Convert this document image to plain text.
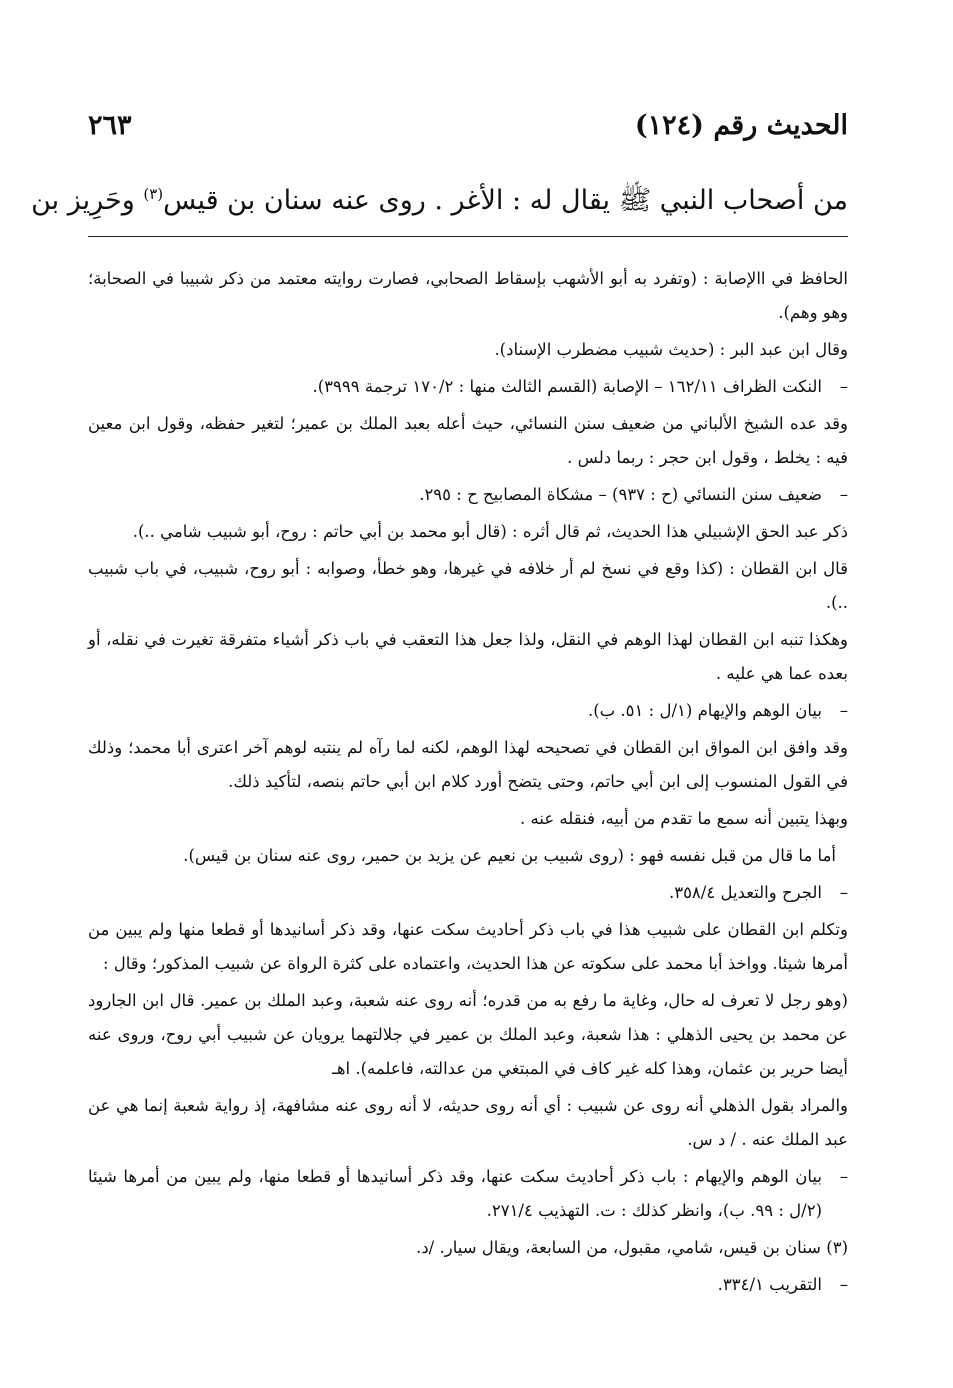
الحديث رقم (١٢٤)
٢٦٣
من أصحاب النبي ﷺ يقال له : الأغر . روى عنه سنان بن قيس$^{(٣)}$ وحَرِيز بن
الحافظ في االإصابة : (وتفرد به أبو الأشهب بإسقاط الصحابي، فصارت روايته معتمد من ذكر شبيبا في الصحابة؛ وهو وهم).
وقال ابن عبد البر : (حديث شبيب مضطرب الإسناد).
–
النكت الظراف ١٦٢/١١ – الإصابة (القسم الثالث منها : ١٧٠/٢ ترجمة ٣٩٩٩).
وقد عده الشيخ الألباني من ضعيف سنن النسائي، حيث أعله بعبد الملك بن عمير؛ لتغير حفظه، وقول ابن معين فيه : يخلط ، وقول ابن حجر : ربما دلس .
–
ضعيف سنن النسائي (ح : ٩٣٧) – مشكاة المصابيح ح : ٢٩٥.
ذكر عبد الحق الإشبيلي هذا الحديث، ثم قال أثره : (قال أبو محمد بن أبي حاتم : روح، أبو شبيب شامي ..).
قال ابن القطان : (كذا وقع في نسخ لم أر خلافه في غيرها، وهو خطأ، وصوابه : أبو روح، شبيب، في باب شبيب ..).
وهكذا تنبه ابن القطان لهذا الوهم في النقل، ولذا جعل هذا التعقب في باب ذكر أشياء متفرقة تغيرت في نقله، أو بعده عما هي عليه .
–
بيان الوهم والإيهام (١/ل : ٥١. ب).
وقد وافق ابن المواق ابن القطان في تصحيحه لهذا الوهم، لكنه لما رآه لم ينتبه لوهم آخر اعترى أبا محمد؛ وذلك في القول المنسوب إلى ابن أبي حاتم، وحتى يتضح أورد كلام ابن أبي حاتم بنصه، لتأكيد ذلك.
وبهذا يتبين أنه سمع ما تقدم من أبيه، فنقله عنه .
أما ما قال من قبل نفسه فهو : (روى شبيب بن نعيم عن يزيد بن حمير، روى عنه سنان بن قيس).
–
الجرح والتعديل ٣٥٨/٤.
وتكلم ابن القطان على شبيب هذا في باب ذكر أحاديث سكت عنها، وقد ذكر أسانيدها أو قطعا منها ولم يبين من أمرها شيئا. وواخذ أبا محمد على سكوته عن هذا الحديث، واعتماده على كثرة الرواة عن شبيب المذكور؛ وقال :
(وهو رجل لا تعرف له حال، وغاية ما رفع به من قدره؛ أنه روى عنه شعبة، وعبد الملك بن عمير. قال ابن الجارود عن محمد بن يحيى الذهلي : هذا شعبة، وعبد الملك بن عمير في جلالتهما يرويان عن شبيب أبي روح، وروى عنه أيضا حرير بن عثمان، وهذا كله غير كاف في المبتغي من عدالته، فاعلمه). اهـ
والمراد بقول الذهلي أنه روى عن شبيب : أي أنه روى حديثه، لا أنه روى عنه مشافهة، إذ رواية شعبة إنما هي عن عبد الملك عنه . / د س.
–
بيان الوهم والإيهام : باب ذكر أحاديث سكت عنها، وقد ذكر أسانيدها أو قطعا منها، ولم يبين من أمرها شيئا (٢/ل : ٩٩. ب)، وانظر كذلك : ت. التهذيب ٢٧١/٤.
(٣) سنان بن قيس، شامي، مقبول، من السابعة، ويقال سيار. /د.
–
التقريب ٣٣٤/١.
